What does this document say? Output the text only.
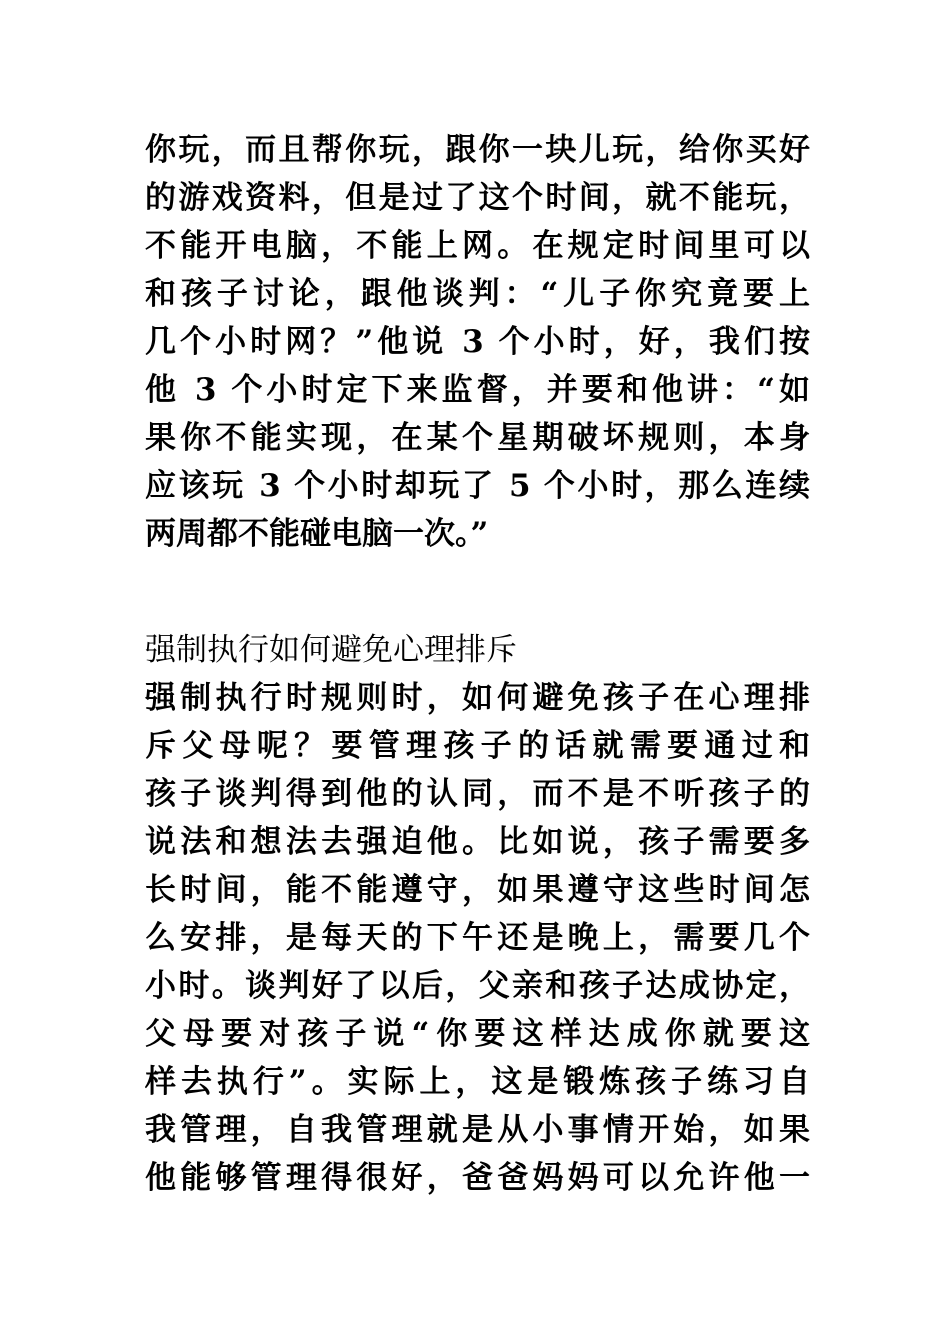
你玩，而且帮你玩，跟你一块儿玩，给你买好
的游戏资料，但是过了这个时间，就不能玩，
不能开电脑，不能上网。在规定时间里可以
和孩子讨论，跟他谈判：“儿子你究竟要上
几个小时网？”他说 3 个小时，好，我们按
他 3 个小时定下来监督，并要和他讲：“如
果你不能实现，在某个星期破坏规则，本身
应该玩 3 个小时却玩了 5 个小时，那么连续
两周都不能碰电脑一次。”
强制执行如何避免心理排斥
强制执行时规则时，如何避免孩子在心理排
斥父母呢？要管理孩子的话就需要通过和
孩子谈判得到他的认同，而不是不听孩子的
说法和想法去强迫他。比如说，孩子需要多
长时间，能不能遵守，如果遵守这些时间怎
么安排，是每天的下午还是晚上，需要几个
小时。谈判好了以后，父亲和孩子达成协定，
父母要对孩子说“你要这样达成你就要这
样去执行”。实际上，这是锻炼孩子练习自
我管理，自我管理就是从小事情开始，如果
他能够管理得很好，爸爸妈妈可以允许他一
